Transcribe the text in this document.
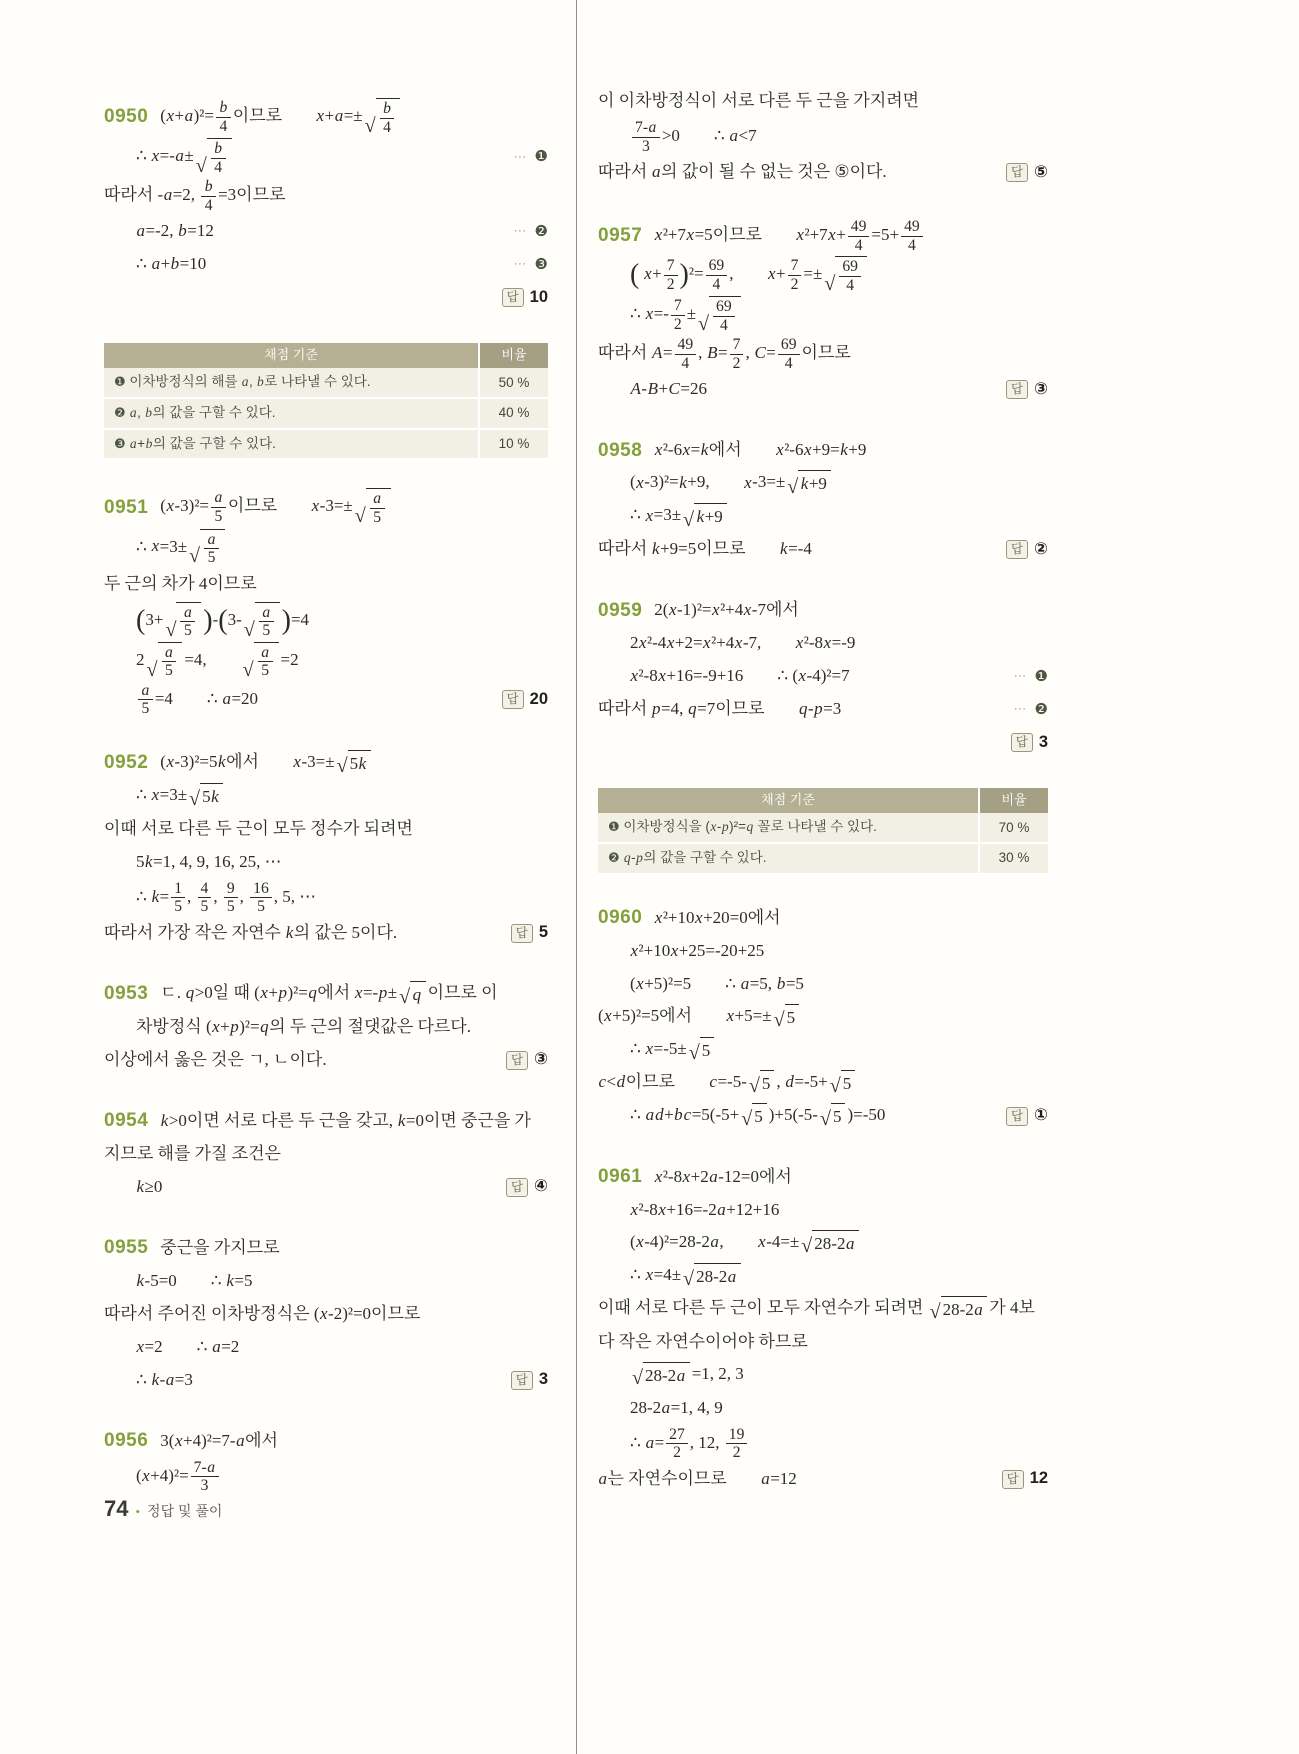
0950 $(x+a)^2= \frac{b}{4}$ 이므로  x+a=± √ $\frac{b}{4}$
∴ x=-a± √ $\frac{b}{4}$	⋯ ❶
따라서 -a=2, $\frac{b}{4} =3$이므로
a=-2, b=12	⋯ ❷
∴ a+b=10	⋯ ❸
답 10
채점 기준	비율
❶ 이차방정식의 해를 a, b로 나타낼 수 있다.	50 %
❷ a, b의 값을 구할 수 있다.	40 %
❸ a+b의 값을 구할 수 있다.	10 %
0951 $(x-3)^2= \frac{a}{5}$ 이므로  x-3=± √ $\frac{a}{5}$
∴ x=3± √ $\frac{a}{5}$
두 근의 차가 4이므로
(3+ √ $\frac{a}{5} )-(3-$ √ $\frac{a}{5} )=4$
2 √ $\frac{a}{5} =4$,   √ $\frac{a}{5} =2$
$\frac{a}{5} =4$  ∴ a=20	답 20
0952 (x-3)²=5k에서  x-3=± √ 5 k
∴ x=3± √ 5 k
이때 서로 다른 두 근이 모두 정수가 되려면
5k=1, 4, 9, 16, 25, ⋯
∴ $k= \frac{1}{5}$ , $\frac{4}{5}$ , $\frac{9}{5}$ , $\frac{16}{5}$ , 5, ⋯
따라서 가장 작은 자연수 k의 값은 5이다.	답 5
0953 ㄷ. q>0일 때 (x+p)²=q에서 x=-p± √ q 이므로 이
차방정식 (x+p)²=q의 두 근의 절댓값은 다르다.
이상에서 옳은 것은 ㄱ, ㄴ이다.	답 ③
0954 k>0이면 서로 다른 두 근을 갖고, k=0이면 중근을 가
지므로 해를 가질 조건은
k≥0	답 ④
0955 중근을 가지므로
k-5=0  ∴ k=5
따라서 주어진 이차방정식은 (x-2)²=0이므로
x=2  ∴ a=2
∴ k-a=3	답 3
0956 3(x+4)²=7-a에서
$(x+4)^2= \frac{7-a}{3}$
이 이차방정식이 서로 다른 두 근을 가지려면
$\frac{7-a}{3} >0$  ∴ a<7
따라서 a의 값이 될 수 없는 것은 ⑤이다.	답 ⑤
0957 x²+7x=5이므로  $x^2+7x+ \frac{49}{4} =5+ \frac{49}{4}$
( $x+ \frac{7}{2} )^2= \frac{69}{4}$ ,  $x+ \frac{7}{2}$ =± √ $\frac{69}{4}$
∴ $x=- \frac{7}{2}$ ± √ $\frac{69}{4}$
따라서 $A= \frac{49}{4}$ , $B= \frac{7}{2}$ , $C= \frac{69}{4}$ 이므로
A-B+C=26	답 ③
0958 x²-6x=k에서  x²-6x+9=k+9
(x-3)²=k+9,  x-3=± √ k +9
∴ x=3± √ k +9
따라서 k+9=5이므로  k=-4	답 ②
0959 2(x-1)²=x²+4x-7에서
2x²-4x+2=x²+4x-7,  x²-8x=-9
x²-8x+16=-9+16  ∴ (x-4)²=7	⋯ ❶
따라서 p=4, q=7이므로  q-p=3	⋯ ❷
답 3
채점 기준	비율
❶ 이차방정식을 (x-p)²=q 꼴로 나타낼 수 있다.	70 %
❷ q-p의 값을 구할 수 있다.	30 %
0960 x²+10x+20=0에서
x²+10x+25=-20+25
(x+5)²=5  ∴ a=5, b=5
(x+5)²=5에서  x+5=± √ 5
∴ x=-5± √ 5
c<d이므로  c=-5- √ 5 , d=-5+ √ 5
∴ ad+bc=5(-5+ √ 5 )+5(-5- √ 5 )=-50	답 ①
0961 x²-8x+2a-12=0에서
x²-8x+16=-2a+12+16
(x-4)²=28-2a,  x-4=± √ 28-2 a
∴ x=4± √ 28-2 a
이때 서로 다른 두 근이 모두 자연수가 되려면 √ 28-2 a 가 4보
다 작은 자연수이어야 하므로
√ 28-2 a =1, 2, 3
28-2a=1, 4, 9
∴ $a= \frac{27}{2}$ , 12, $\frac{19}{2}$
a는 자연수이므로  a=12	답 12
74 • 정답 및 풀이
